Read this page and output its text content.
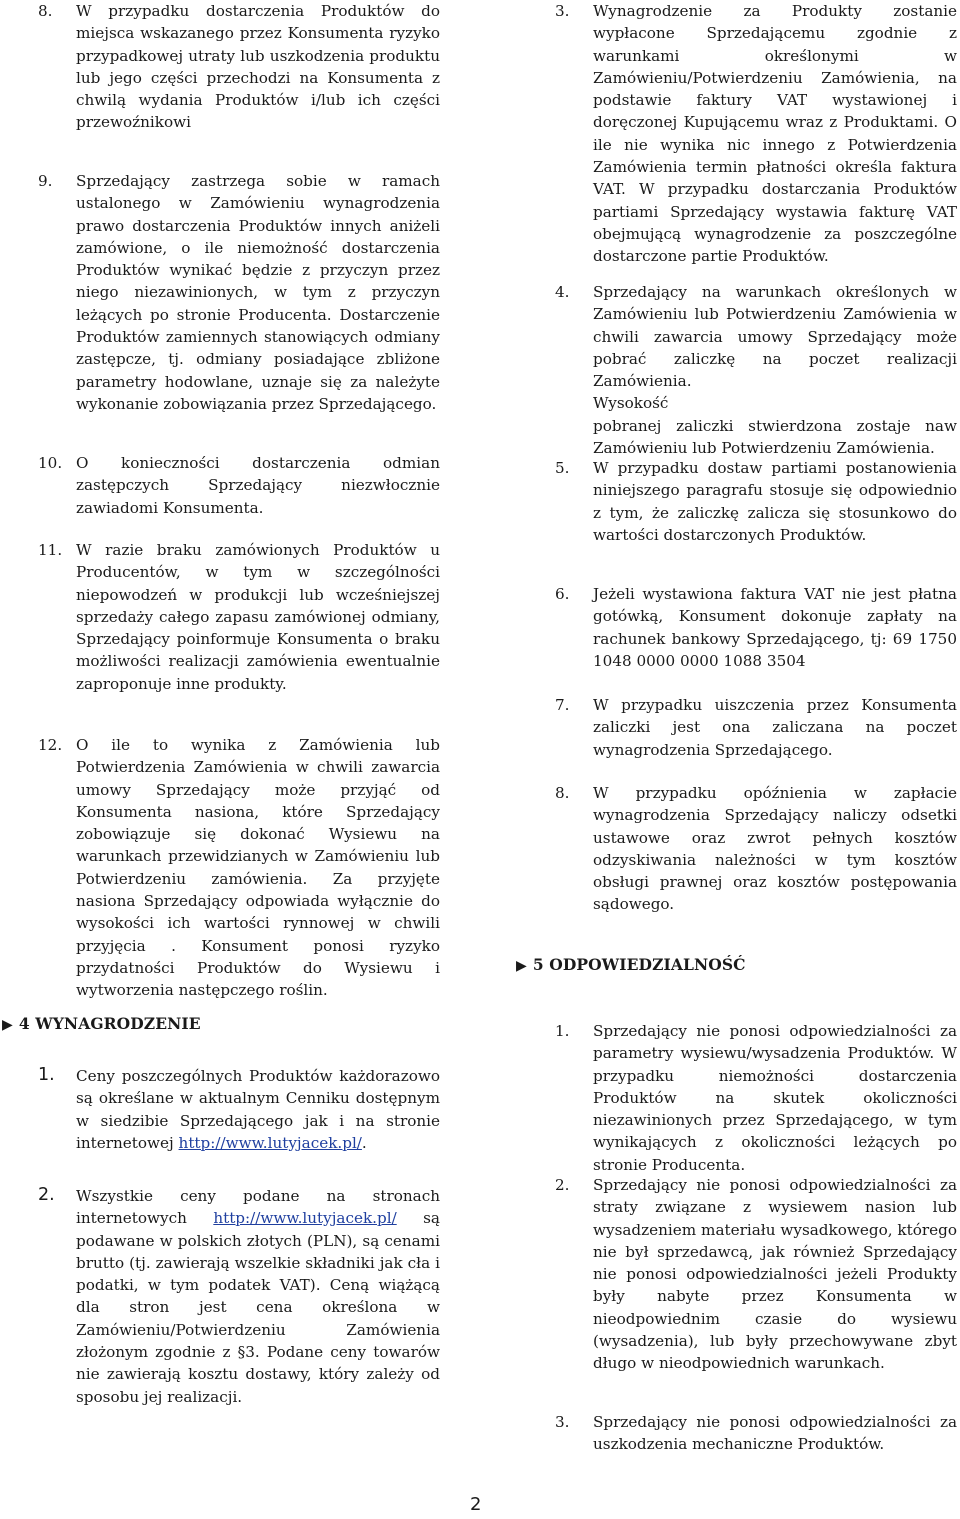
8. W przypadku dostarczenia Produktów do miejsca wskazanego przez Konsumenta ryzyko przypadkowej utraty lub uszkodzenia produktu lub jego części przechodzi na Konsumenta z chwilą wydania Produktów i/lub ich części przewoźnikowi
9. Sprzedający zastrzega sobie w ramach ustalonego w Zamówieniu wynagrodzenia prawo dostarczenia Produktów innych aniżeli zamówione, o ile niemożność dostarczenia Produktów wynikać będzie z przyczyn przez niego niezawinionych, w tym z przyczyn leżących po stronie Producenta. Dostarczenie Produktów zamiennych stanowiących odmiany zastępcze, tj. odmiany posiadające zbliżone parametry hodowlane, uznaje się za należyte wykonanie zobowiązania przez Sprzedającego.
10. O konieczności dostarczenia odmian zastępczych Sprzedający niezwłocznie zawiadomi Konsumenta.
11. W razie braku zamówionych Produktów u Producentów, w tym w szczególności niepowodzeń w produkcji lub wcześniejszej sprzedaży całego zapasu zamówionej odmiany, Sprzedający poinformuje Konsumenta o braku możliwości realizacji zamówienia ewentualnie zaproponuje inne produkty.
12. O ile to wynika z Zamówienia lub Potwierdzenia Zamówienia w chwili zawarcia umowy Sprzedający może przyjąć od Konsumenta nasiona, które Sprzedający zobowiązuje się dokonać Wysiewu na warunkach przewidzianych w Zamówieniu lub Potwierdzeniu zamówienia. Za przyjęte nasiona Sprzedający odpowiada wyłącznie do wysokości ich wartości rynnowej w chwili przyjęcia . Konsument ponosi ryzyko przydatności Produktów do Wysiewu i wytworzenia następczego roślin.
▶ 4 WYNAGRODZENIE
1. Ceny poszczególnych Produktów każdorazowo są określane w aktualnym Cenniku dostępnym w siedzibie Sprzedającego jak i na stronie internetowej http://www.lutyjacek.pl/.
2. Wszystkie ceny podane na stronach internetowych http://www.lutyjacek.pl/ są podawane w polskich złotych (PLN), są cenami brutto (tj. zawierają wszelkie składniki jak cła i podatki, w tym podatek VAT). Ceną wiążącą dla stron jest cena określona w Zamówieniu/Potwierdzeniu Zamówienia złożonym zgodnie z §3. Podane ceny towarów nie zawierają kosztu dostawy, który zależy od sposobu jej realizacji.
3. Wynagrodzenie za Produkty zostanie wypłacone Sprzedającemu zgodnie z warunkami określonymi w Zamówieniu/Potwierdzeniu Zamówienia, na podstawie faktury VAT wystawionej i doręczonej Kupującemu wraz z Produktami. O ile nie wynika nic innego z Potwierdzenia Zamówienia termin płatności określa faktura VAT. W przypadku dostarczania Produktów partiami Sprzedający wystawia fakturę VAT obejmującą wynagrodzenie za poszczególne dostarczone partie Produktów.
4. Sprzedający na warunkach określonych w Zamówieniu lub Potwierdzeniu Zamówienia w chwili zawarcia umowy Sprzedający może pobrać zaliczkę na poczet realizacji Zamówienia.
Wysokość
pobranej zaliczki stwierdzona zostaje naw Zamówieniu lub Potwierdzeniu Zamówienia.
5. W przypadku dostaw partiami postanowienia niniejszego paragrafu stosuje się odpowiednio z tym, że zaliczkę zalicza się stosunkowo do wartości dostarczonych Produktów.
6. Jeżeli wystawiona faktura VAT nie jest płatna gotówką, Konsument dokonuje zapłaty na rachunek bankowy Sprzedającego, tj: 69 1750 1048 0000 0000 1088 3504
7. W przypadku uiszczenia przez Konsumenta zaliczki jest ona zaliczana na poczet wynagrodzenia Sprzedającego.
8. W przypadku opóźnienia w zapłacie wynagrodzenia Sprzedający naliczy odsetki ustawowe oraz zwrot pełnych kosztów odzyskiwania należności w tym kosztów obsługi prawnej oraz kosztów postępowania sądowego.
▶ 5 ODPOWIEDZIALNOŚĆ
1. Sprzedający nie ponosi odpowiedzialności za parametry wysiewu/wysadzenia Produktów. W przypadku niemożności dostarczenia Produktów na skutek okoliczności niezawinionych przez Sprzedającego, w tym wynikających z okoliczności leżących po stronie Producenta.
2. Sprzedający nie ponosi odpowiedzialności za straty związane z wysiewem nasion lub wysadzeniem materiału wysadkowego, którego nie był sprzedawcą, jak również Sprzedający nie ponosi odpowiedzialności jeżeli Produkty były nabyte przez Konsumenta w nieodpowiednim czasie do wysiewu (wysadzenia), lub były przechowywane zbyt długo w nieodpowiednich warunkach.
3. Sprzedający nie ponosi odpowiedzialności za uszkodzenia mechaniczne Produktów.
2
